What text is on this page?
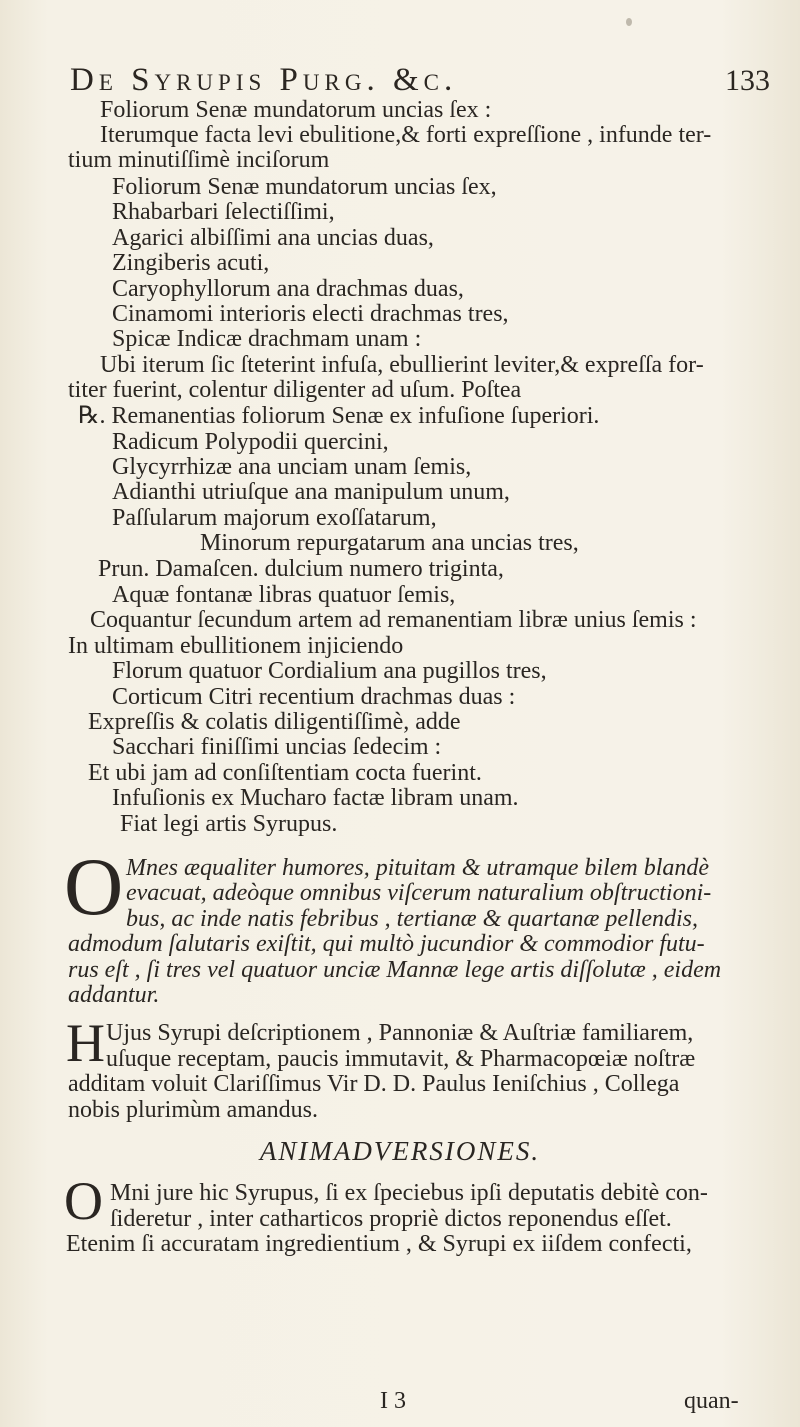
De Syrupis Purg. &c.	133
Foliorum Senæ mundatorum uncias ſex :
Iterumque facta levi ebulitione,& forti expreſſione , infunde ter-
tium minutiſſimè inciſorum
Foliorum Senæ mundatorum uncias ſex,
Rhabarbari ſelectiſſimi,
Agarici albiſſimi ana uncias duas,
Zingiberis acuti,
Caryophyllorum ana drachmas duas,
Cinamomi interioris electi drachmas tres,
Spicæ Indicæ drachmam unam :
Ubi iterum ſic ſteterint infuſa, ebullierint leviter,& expreſſa for-
titer fuerint, colentur diligenter ad uſum. Poſtea
℞. Remanentias foliorum Senæ ex infuſione ſuperiori.
Radicum Polypodii quercini,
Glycyrrhizæ ana unciam unam ſemis,
Adianthi utriuſque ana manipulum unum,
Paſſularum majorum exoſſatarum,
Minorum repurgatarum ana uncias tres,
Prun. Damaſcen. dulcium numero triginta,
Aquæ fontanæ libras quatuor ſemis,
Coquantur ſecundum artem ad remanentiam libræ unius ſemis :
In ultimam ebullitionem injiciendo
Florum quatuor Cordialium ana pugillos tres,
Corticum Citri recentium drachmas duas :
Expreſſis & colatis diligentiſſimè, adde
Sacchari finiſſimi uncias ſedecim :
Et ubi jam ad conſiſtentiam cocta fuerint.
Infuſionis ex Mucharo factæ libram unam.
Fiat legi artis Syrupus.
O Mnes æqualiter humores, pituitam & utramque bilem blandè
evacuat, adeòque omnibus viſcerum naturalium obſtructioni-
bus, ac inde natis febribus , tertianæ & quartanæ pellendis,
admodum ſalutaris exiſtit, qui multò jucundior & commodior futu-
rus eſt , ſi tres vel quatuor unciæ Mannæ lege artis diſſolutæ , eidem
addantur.
H Ujus Syrupi deſcriptionem , Pannoniæ & Auſtriæ familiarem,
uſuque receptam, paucis immutavit, & Pharmacopœiæ noſtræ
additam voluit Clariſſimus Vir D. D. Paulus Ieniſchius , Collega
nobis plurimùm amandus.
ANIMADVERSIONES.
O Mni jure hic Syrupus, ſi ex ſpeciebus ipſi deputatis debitè con-
ſideretur , inter catharticos propriè dictos reponendus eſſet.
Etenim ſi accuratam ingredientium , & Syrupi ex iiſdem confecti,
I 3	quan-
